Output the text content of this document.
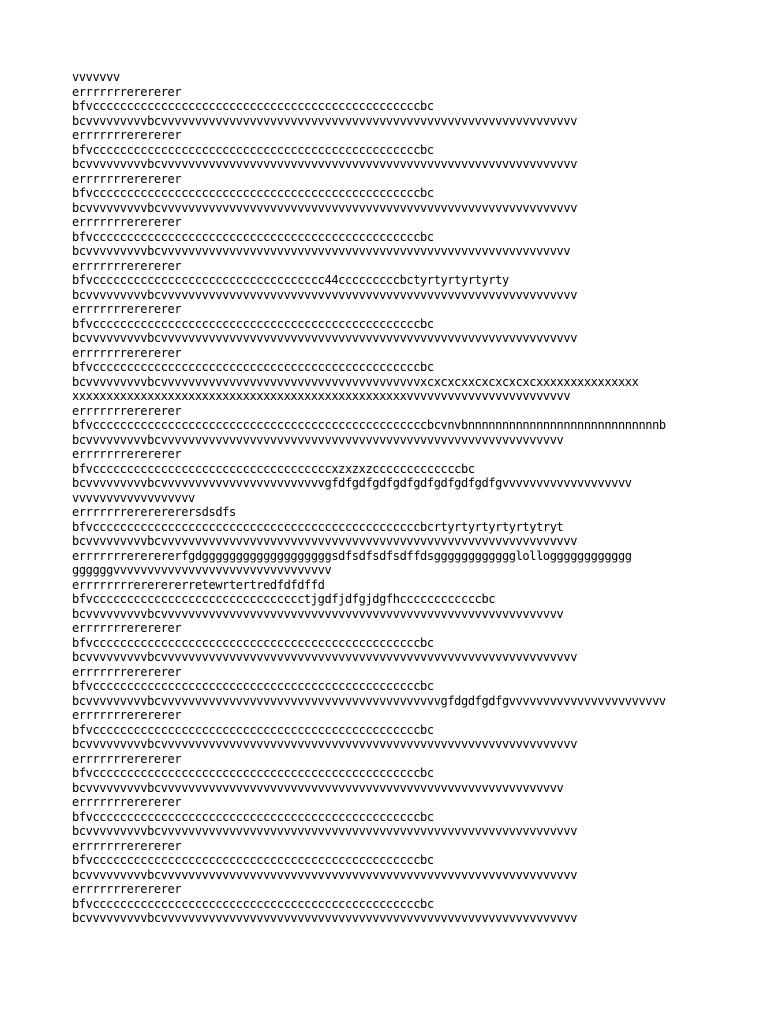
vvvvvvv
errrrrrrerererer
bfvccccccccccccccccccccccccccccccccccccccccccccccccbc
bcvvvvvvvvvbcvvvvvvvvvvvvvvvvvvvvvvvvvvvvvvvvvvvvvvvvvvvvvvvvvvvvvvvvvvvvv
errrrrrrerererer
bfvccccccccccccccccccccccccccccccccccccccccccccccccbc
bcvvvvvvvvvbcvvvvvvvvvvvvvvvvvvvvvvvvvvvvvvvvvvvvvvvvvvvvvvvvvvvvvvvvvvvvv
errrrrrrerererer
bfvccccccccccccccccccccccccccccccccccccccccccccccccbc
bcvvvvvvvvvbcvvvvvvvvvvvvvvvvvvvvvvvvvvvvvvvvvvvvvvvvvvvvvvvvvvvvvvvvvvvvv
errrrrrrerererer
bfvccccccccccccccccccccccccccccccccccccccccccccccccbc
bcvvvvvvvvvbcvvvvvvvvvvvvvvvvvvvvvvvvvvvvvvvvvvvvvvvvvvvvvvvvvvvvvvvvvvvv
errrrrrrerererer
bfvcccccccccccccccccccccccccccccccccc44cccccccccbctyrtyrtyrtyrty
bcvvvvvvvvvbcvvvvvvvvvvvvvvvvvvvvvvvvvvvvvvvvvvvvvvvvvvvvvvvvvvvvvvvvvvvvv
errrrrrrerererer
bfvccccccccccccccccccccccccccccccccccccccccccccccccbc
bcvvvvvvvvvbcvvvvvvvvvvvvvvvvvvvvvvvvvvvvvvvvvvvvvvvvvvvvvvvvvvvvvvvvvvvvv
errrrrrrerererer
bfvccccccccccccccccccccccccccccccccccccccccccccccccbc
bcvvvvvvvvvbcvvvvvvvvvvvvvvvvvvvvvvvvvvvvvvvvvvvvvvxcxcxcxxcxcxcxcxcxxxxxxxxxxxxxxx
xxxxxxxxxxxxxxxxxxxxxxxxxxxxxxxxxxxxxxxxxxxxxxxxxvvvvvvvvvvvvvvvvvvvvvvvv
errrrrrrerererer
bfvcccccccccccccccccccccccccccccccccccccccccccccccccbcvnvbnnnnnnnnnnnnnnnnnnnnnnnnnnnnb
bcvvvvvvvvvbcvvvvvvvvvvvvvvvvvvvvvvvvvvvvvvvvvvvvvvvvvvvvvvvvvvvvvvvvvvv
errrrrrrerererer
bfvcccccccccccccccccccccccccccccccccccxzxzxzcccccccccccccbc
bcvvvvvvvvvbcvvvvvvvvvvvvvvvvvvvvvvvvgfdfgdfgdfgdfgdfgdfgdfgdfgvvvvvvvvvvvvvvvvvvv
vvvvvvvvvvvvvvvvvv
errrrrrrererererersdsdfs
bfvccccccccccccccccccccccccccccccccccccccccccccccccbcrtyrtyrtyrtyrtytryt
bcvvvvvvvvvbcvvvvvvvvvvvvvvvvvvvvvvvvvvvvvvvvvvvvvvvvvvvvvvvvvvvvvvvvvvvvv
errrrrrrererererfgdgggggggggggggggggggsdfsdfsdfsdffdsgggggggggggglollogggggggggggg
ggggggvvvvvvvvvvvvvvvvvvvvvvvvvvvvvvvv
errrrrrrrererererretewrtertredfdfdffd
bfvccccccccccccccccccccccccccccccctjgdfjdfgjdgfhccccccccccccbc
bcvvvvvvvvvbcvvvvvvvvvvvvvvvvvvvvvvvvvvvvvvvvvvvvvvvvvvvvvvvvvvvvvvvvvvv
errrrrrrerererer
bfvccccccccccccccccccccccccccccccccccccccccccccccccbc
bcvvvvvvvvvbcvvvvvvvvvvvvvvvvvvvvvvvvvvvvvvvvvvvvvvvvvvvvvvvvvvvvvvvvvvvvv
errrrrrrerererer
bfvccccccccccccccccccccccccccccccccccccccccccccccccbc
bcvvvvvvvvvbcvvvvvvvvvvvvvvvvvvvvvvvvvvvvvvvvvvvvvvvvvgfdgdfgdfgvvvvvvvvvvvvvvvvvvvvvvv
errrrrrrerererer
bfvccccccccccccccccccccccccccccccccccccccccccccccccbc
bcvvvvvvvvvbcvvvvvvvvvvvvvvvvvvvvvvvvvvvvvvvvvvvvvvvvvvvvvvvvvvvvvvvvvvvvv
errrrrrrerererer
bfvccccccccccccccccccccccccccccccccccccccccccccccccbc
bcvvvvvvvvvbcvvvvvvvvvvvvvvvvvvvvvvvvvvvvvvvvvvvvvvvvvvvvvvvvvvvvvvvvvvv
errrrrrrerererer
bfvccccccccccccccccccccccccccccccccccccccccccccccccbc
bcvvvvvvvvvbcvvvvvvvvvvvvvvvvvvvvvvvvvvvvvvvvvvvvvvvvvvvvvvvvvvvvvvvvvvvvv
errrrrrrerererer
bfvccccccccccccccccccccccccccccccccccccccccccccccccbc
bcvvvvvvvvvbcvvvvvvvvvvvvvvvvvvvvvvvvvvvvvvvvvvvvvvvvvvvvvvvvvvvvvvvvvvvvv
errrrrrrerererer
bfvccccccccccccccccccccccccccccccccccccccccccccccccbc
bcvvvvvvvvvbcvvvvvvvvvvvvvvvvvvvvvvvvvvvvvvvvvvvvvvvvvvvvvvvvvvvvvvvvvvvvv
